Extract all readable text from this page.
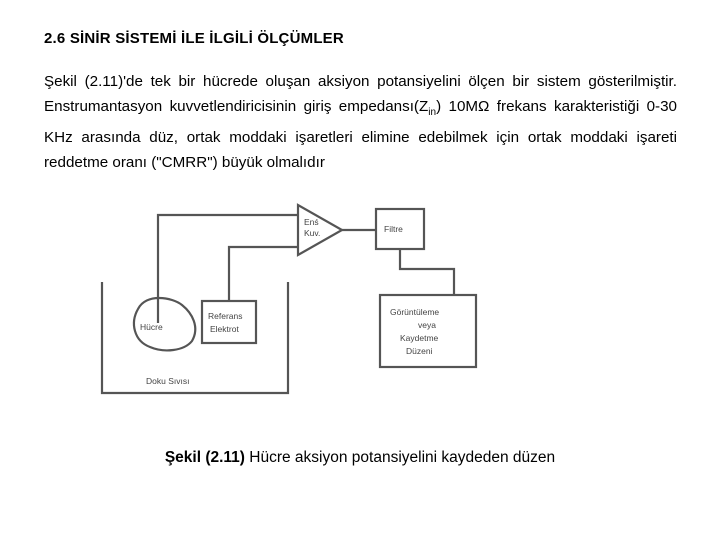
2.6 SİNİR SİSTEMİ İLE İLGİLİ ÖLÇÜMLER
Şekil (2.11)'de tek bir hücrede oluşan aksiyon potansiyelini ölçen bir sistem gösterilmiştir. Enstrumantasyon kuvvetlendiricisinin giriş $empedansı(Z_{in})$ 10MΩ frekans karakteristiği 0-30 KHz arasında düz, ortak moddaki işaretleri elimine edebilmek için ortak moddaki işareti reddetme oranı ("CMRR") büyük olmalıdır
Enś
Kuv.	Filtre
Görüntüleme
veya
Kaydetme
Düzeni
Referans
Elektrot
Hücre
Doku Sıvısı
Şekil (2.11) Hücre aksiyon potansiyelini kaydeden düzen
